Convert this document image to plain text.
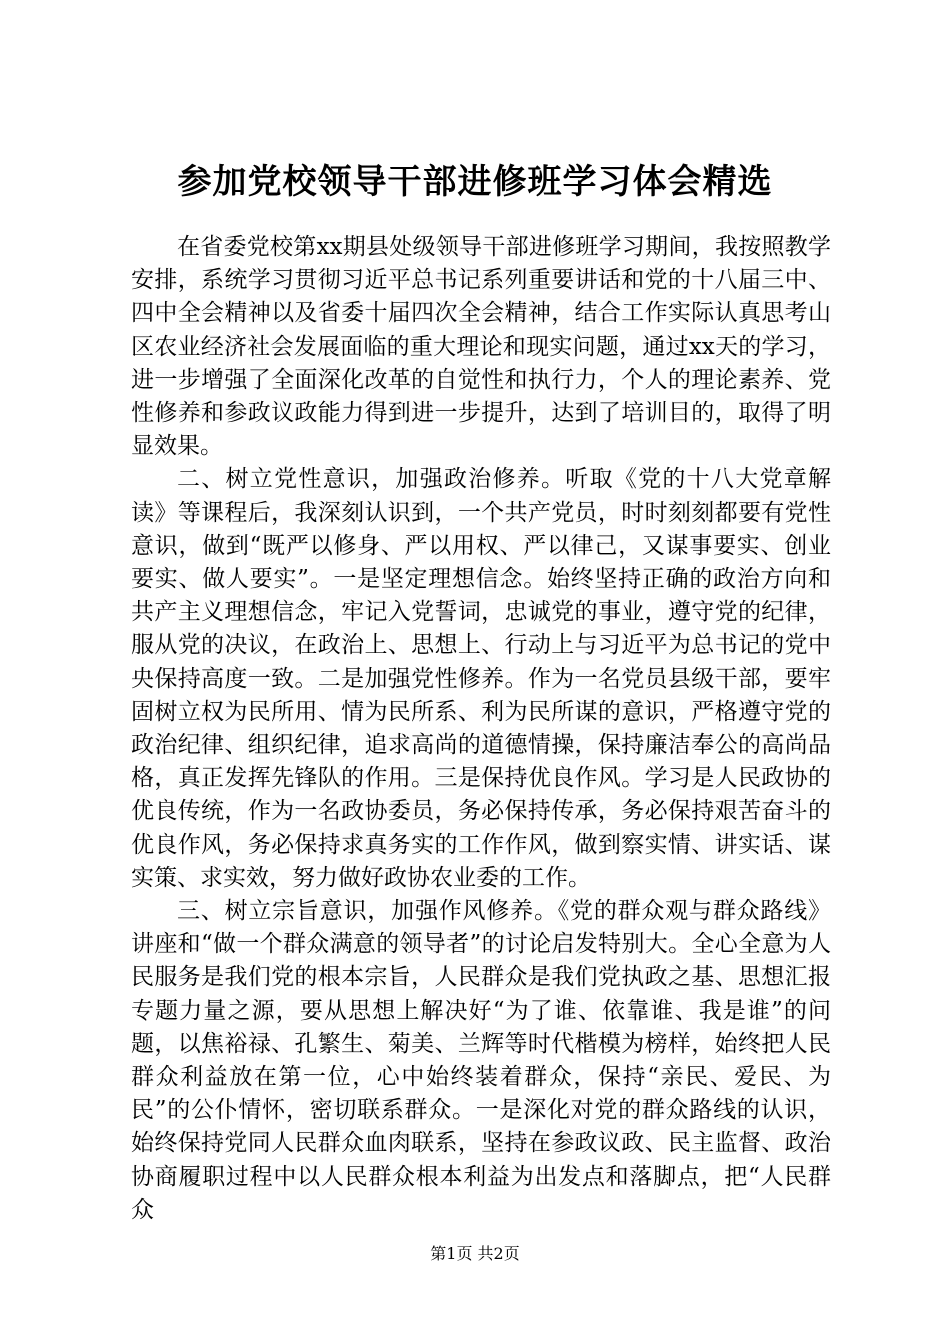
参加党校领导干部进修班学习体会精选

在省委党校第xx期县处级领导干部进修班学习期间，我按照教学安排，系统学习贯彻习近平总书记系列重要讲话和党的十八届三中、四中全会精神以及省委十届四次全会精神，结合工作实际认真思考山区农业经济社会发展面临的重大理论和现实问题，通过xx天的学习，进一步增强了全面深化改革的自觉性和执行力，个人的理论素养、党性修养和参政议政能力得到进一步提升，达到了培训目的，取得了明显效果。

二、树立党性意识，加强政治修养。听取《党的十八大党章解读》等课程后，我深刻认识到，一个共产党员，时时刻刻都要有党性意识，做到“既严以修身、严以用权、严以律己，又谋事要实、创业要实、做人要实”。一是坚定理想信念。始终坚持正确的政治方向和共产主义理想信念，牢记入党誓词，忠诚党的事业，遵守党的纪律，服从党的决议，在政治上、思想上、行动上与习近平为总书记的党中央保持高度一致。二是加强党性修养。作为一名党员县级干部，要牢固树立权为民所用、情为民所系、利为民所谋的意识，严格遵守党的政治纪律、组织纪律，追求高尚的道德情操，保持廉洁奉公的高尚品格，真正发挥先锋队的作用。三是保持优良作风。学习是人民政协的优良传统，作为一名政协委员，务必保持传承，务必保持艰苦奋斗的优良作风，务必保持求真务实的工作作风，做到察实情、讲实话、谋实策、求实效，努力做好政协农业委的工作。

三、树立宗旨意识，加强作风修养。《党的群众观与群众路线》讲座和“做一个群众满意的领导者”的讨论启发特别大。全心全意为人民服务是我们党的根本宗旨，人民群众是我们党执政之基、思想汇报专题力量之源，要从思想上解决好“为了谁、依靠谁、我是谁”的问题，以焦裕禄、孔繁生、菊美、兰辉等时代楷模为榜样，始终把人民群众利益放在第一位，心中始终装着群众，保持“亲民、爱民、为民”的公仆情怀，密切联系群众。一是深化对党的群众路线的认识，始终保持党同人民群众血肉联系，坚持在参政议政、民主监督、政治协商履职过程中以人民群众根本利益为出发点和落脚点，把“人民群众

第1页 共2页
